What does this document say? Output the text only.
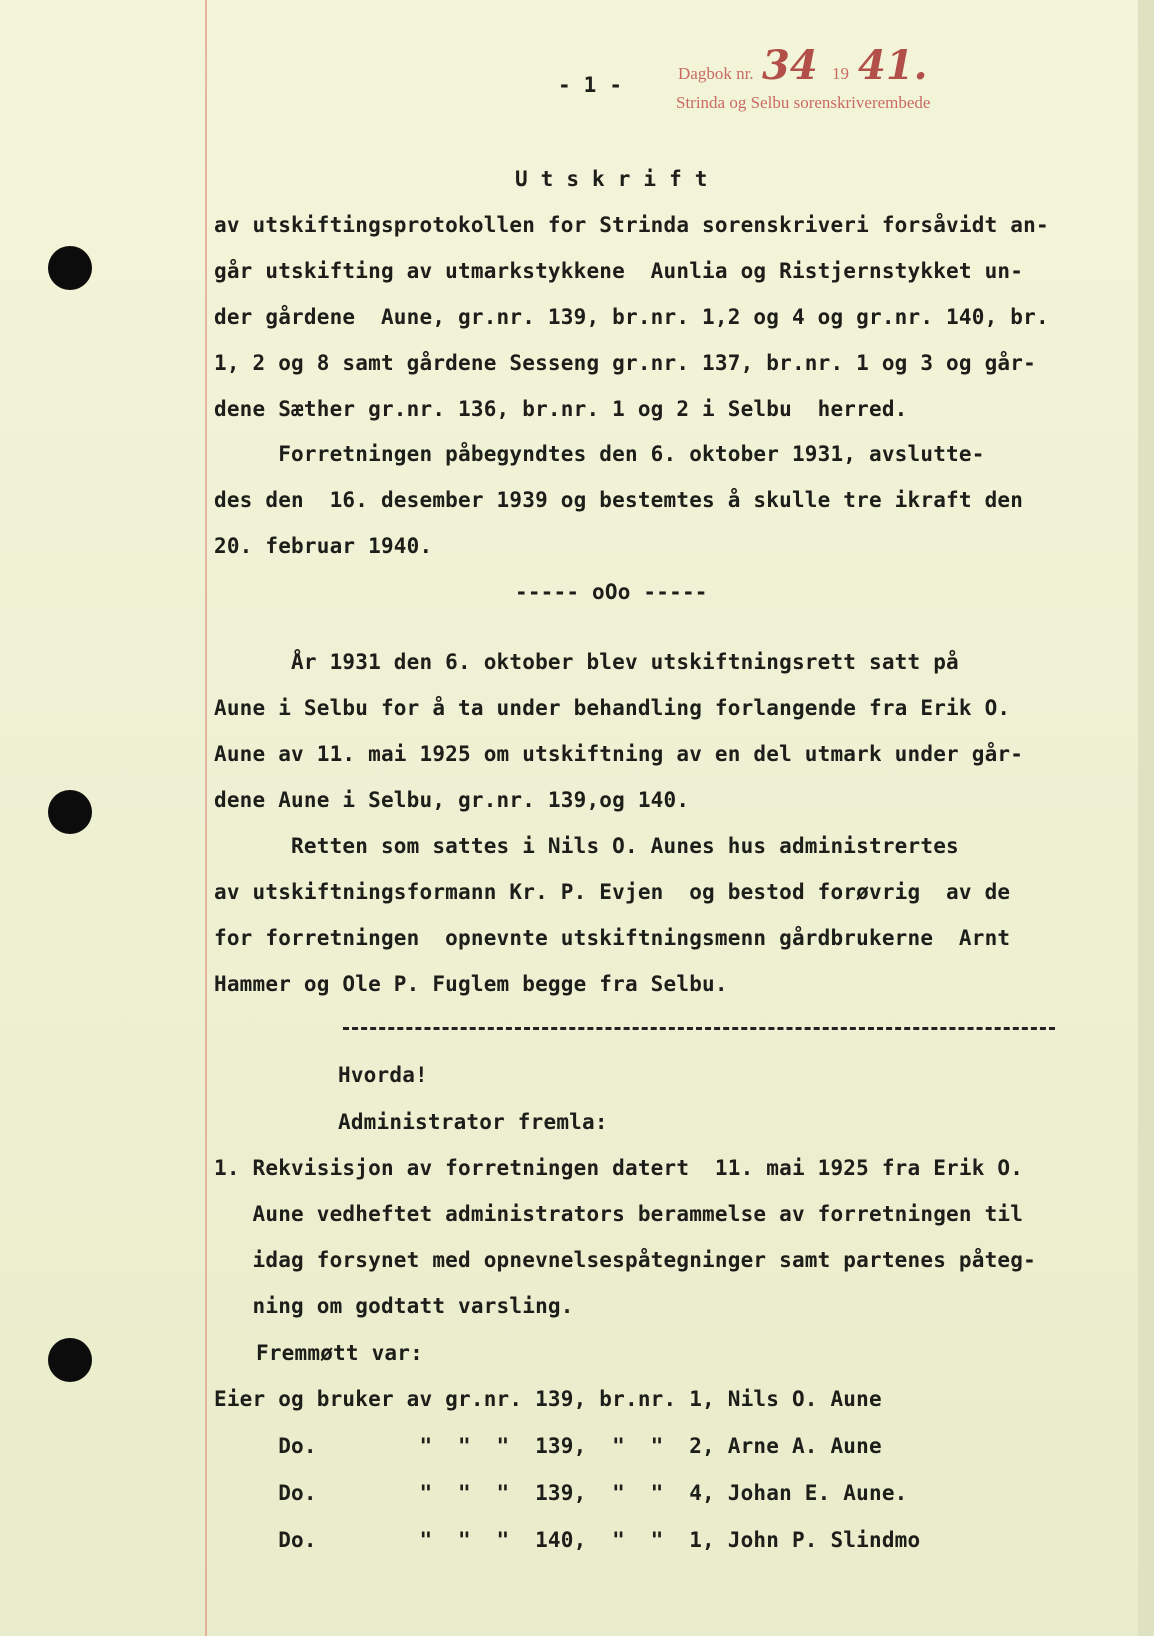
- 1 -	Dagbok nr. 34 19 41.
Strinda og Selbu sorenskriverembede
U t s k r i f t
av utskiftingsprotokollen for Strinda sorenskriveri forsåvidt an-
går utskifting av utmarkstykkene  Aunlia og Ristjernstykket un-
der gårdene  Aune, gr.nr. 139, br.nr. 1,2 og 4 og gr.nr. 140, br.
1, 2 og 8 samt gårdene Sesseng gr.nr. 137, br.nr. 1 og 3 og går-
dene Sæther gr.nr. 136, br.nr. 1 og 2 i Selbu  herred.
Forretningen påbegyndtes den 6. oktober 1931, avslutte-
des den  16. desember 1939 og bestemtes å skulle tre ikraft den
20. februar 1940.
----- oOo -----
År 1931 den 6. oktober blev utskiftningsrett satt på
Aune i Selbu for å ta under behandling forlangende fra Erik O.
Aune av 11. mai 1925 om utskiftning av en del utmark under går-
dene Aune i Selbu, gr.nr. 139,og 140.
Retten som sattes i Nils O. Aunes hus administrertes
av utskiftningsformann Kr. P. Evjen  og bestod forøvrig  av de
for forretningen  opnevnte utskiftningsmenn gårdbrukerne  Arnt
Hammer og Ole P. Fuglem begge fra Selbu.
Hvorda!
Administrator fremla:
1. Rekvisisjon av forretningen datert  11. mai 1925 fra Erik O.
Aune vedheftet administrators berammelse av forretningen til
idag forsynet med opnevnelsespåtegninger samt partenes påteg-
ning om godtatt varsling.
Fremmøtt var:
Eier og bruker av gr.nr. 139, br.nr. 1, Nils O. Aune
Do.        "  "  "  139,  "  "  2, Arne A. Aune
Do.        "  "  "  139,  "  "  4, Johan E. Aune.
Do.        "  "  "  140,  "  "  1, John P. Slindmo
